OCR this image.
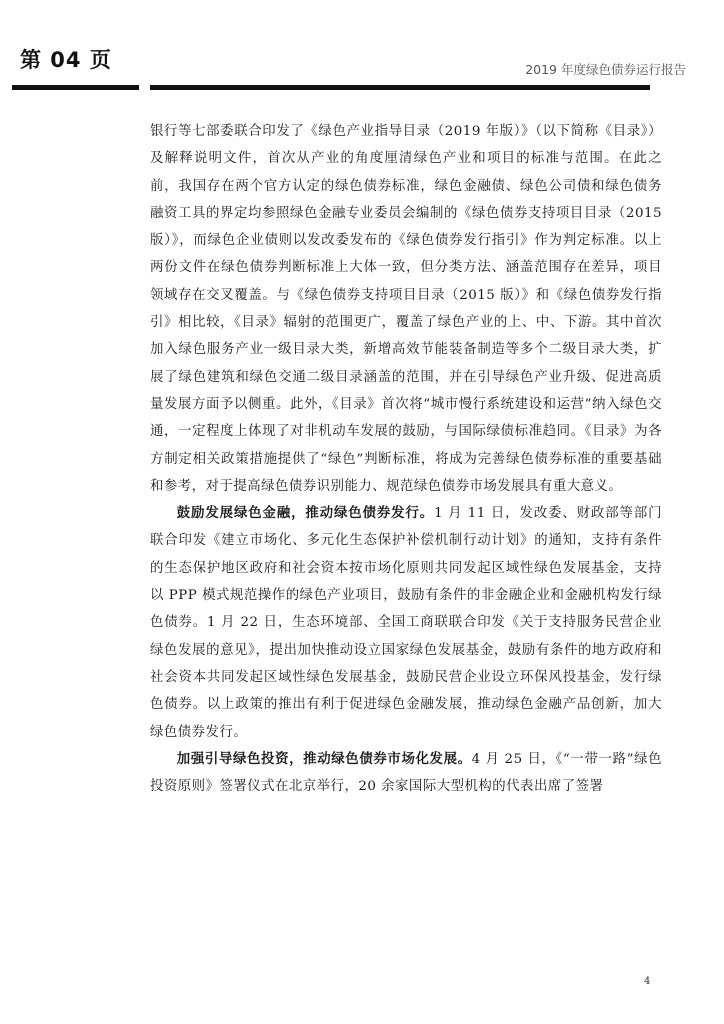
第 04 页	2019 年度绿色债券运行报告

银行等七部委联合印发了《绿色产业指导目录（2019 年版）》（以下简称《目录》）及解释说明文件，首次从产业的角度厘清绿色产业和项目的标准与范围。在此之前，我国存在两个官方认定的绿色债券标准，绿色金融债、绿色公司债和绿色债务融资工具的界定均参照绿色金融专业委员会编制的《绿色债券支持项目目录（2015 版）》，而绿色企业债则以发改委发布的《绿色债券发行指引》作为判定标准。以上两份文件在绿色债券判断标准上大体一致，但分类方法、涵盖范围存在差异，项目领域存在交叉覆盖。与《绿色债券支持项目目录（2015 版）》和《绿色债券发行指引》相比较，《目录》辐射的范围更广，覆盖了绿色产业的上、中、下游。其中首次加入绿色服务产业一级目录大类，新增高效节能装备制造等多个二级目录大类，扩展了绿色建筑和绿色交通二级目录涵盖的范围，并在引导绿色产业升级、促进高质量发展方面予以侧重。此外，《目录》首次将“城市慢行系统建设和运营”纳入绿色交通，一定程度上体现了对非机动车发展的鼓励，与国际绿债标准趋同。《目录》为各方制定相关政策措施提供了“绿色”判断标准，将成为完善绿色债券标准的重要基础和参考，对于提高绿色债券识别能力、规范绿色债券市场发展具有重大意义。

鼓励发展绿色金融，推动绿色债券发行。1 月 11 日，发改委、财政部等部门联合印发《建立市场化、多元化生态保护补偿机制行动计划》的通知，支持有条件的生态保护地区政府和社会资本按市场化原则共同发起区域性绿色发展基金，支持以 PPP 模式规范操作的绿色产业项目，鼓励有条件的非金融企业和金融机构发行绿色债券。1 月 22 日，生态环境部、全国工商联联合印发《关于支持服务民营企业绿色发展的意见》，提出加快推动设立国家绿色发展基金，鼓励有条件的地方政府和社会资本共同发起区域性绿色发展基金，鼓励民营企业设立环保风投基金，发行绿色债券。以上政策的推出有利于促进绿色金融发展，推动绿色金融产品创新，加大绿色债券发行。

加强引导绿色投资，推动绿色债券市场化发展。4 月 25 日，《“一带一路”绿色投资原则》签署仪式在北京举行，20 余家国际大型机构的代表出席了签署

4
